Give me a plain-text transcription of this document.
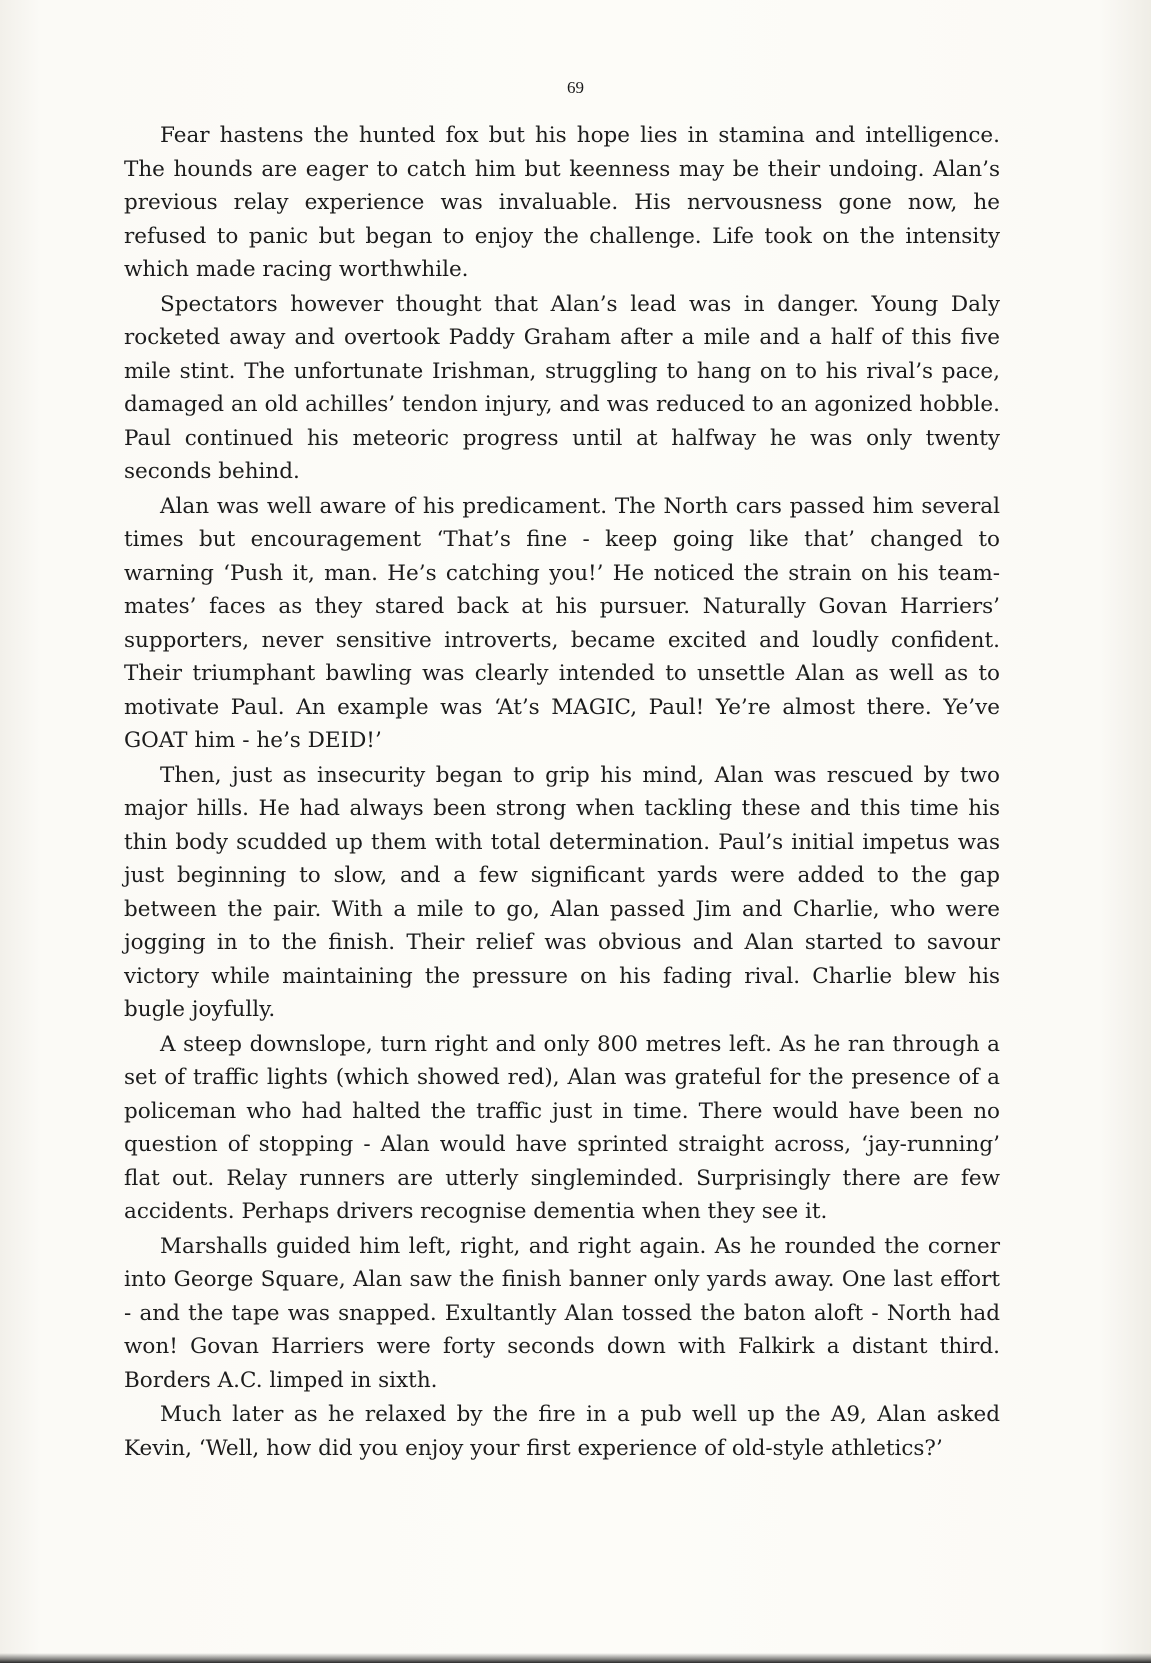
69

Fear hastens the hunted fox but his hope lies in stamina and intelligence. The hounds are eager to catch him but keenness may be their undoing. Alan’s previous relay experience was invaluable. His nervousness gone now, he refused to panic but began to enjoy the challenge. Life took on the intensity which made racing worthwhile.

Spectators however thought that Alan’s lead was in danger. Young Daly rocketed away and overtook Paddy Graham after a mile and a half of this five mile stint. The unfortunate Irishman, struggling to hang on to his rival’s pace, damaged an old achilles’ tendon injury, and was reduced to an agonized hobble. Paul continued his meteoric progress until at halfway he was only twenty seconds behind.

Alan was well aware of his predicament. The North cars passed him several times but encouragement ‘That’s fine - keep going like that’ changed to warning ‘Push it, man. He’s catching you!’ He noticed the strain on his team-mates’ faces as they stared back at his pursuer. Naturally Govan Harriers’ supporters, never sensitive introverts, became excited and loudly confident. Their triumphant bawling was clearly intended to unsettle Alan as well as to motivate Paul. An example was ‘At’s MAGIC, Paul! Ye’re almost there. Ye’ve GOAT him - he’s DEID!’

Then, just as insecurity began to grip his mind, Alan was rescued by two major hills. He had always been strong when tackling these and this time his thin body scudded up them with total determination. Paul’s initial impetus was just beginning to slow, and a few significant yards were added to the gap between the pair. With a mile to go, Alan passed Jim and Charlie, who were jogging in to the finish. Their relief was obvious and Alan started to savour victory while maintaining the pressure on his fading rival. Charlie blew his bugle joyfully.

A steep downslope, turn right and only 800 metres left. As he ran through a set of traffic lights (which showed red), Alan was grateful for the presence of a policeman who had halted the traffic just in time. There would have been no question of stopping - Alan would have sprinted straight across, ‘jay-running’ flat out. Relay runners are utterly singleminded. Surprisingly there are few accidents. Perhaps drivers recognise dementia when they see it.

Marshalls guided him left, right, and right again. As he rounded the corner into George Square, Alan saw the finish banner only yards away. One last effort - and the tape was snapped. Exultantly Alan tossed the baton aloft - North had won! Govan Harriers were forty seconds down with Falkirk a distant third. Borders A.C. limped in sixth.

Much later as he relaxed by the fire in a pub well up the A9, Alan asked Kevin, ‘Well, how did you enjoy your first experience of old-style athletics?’
